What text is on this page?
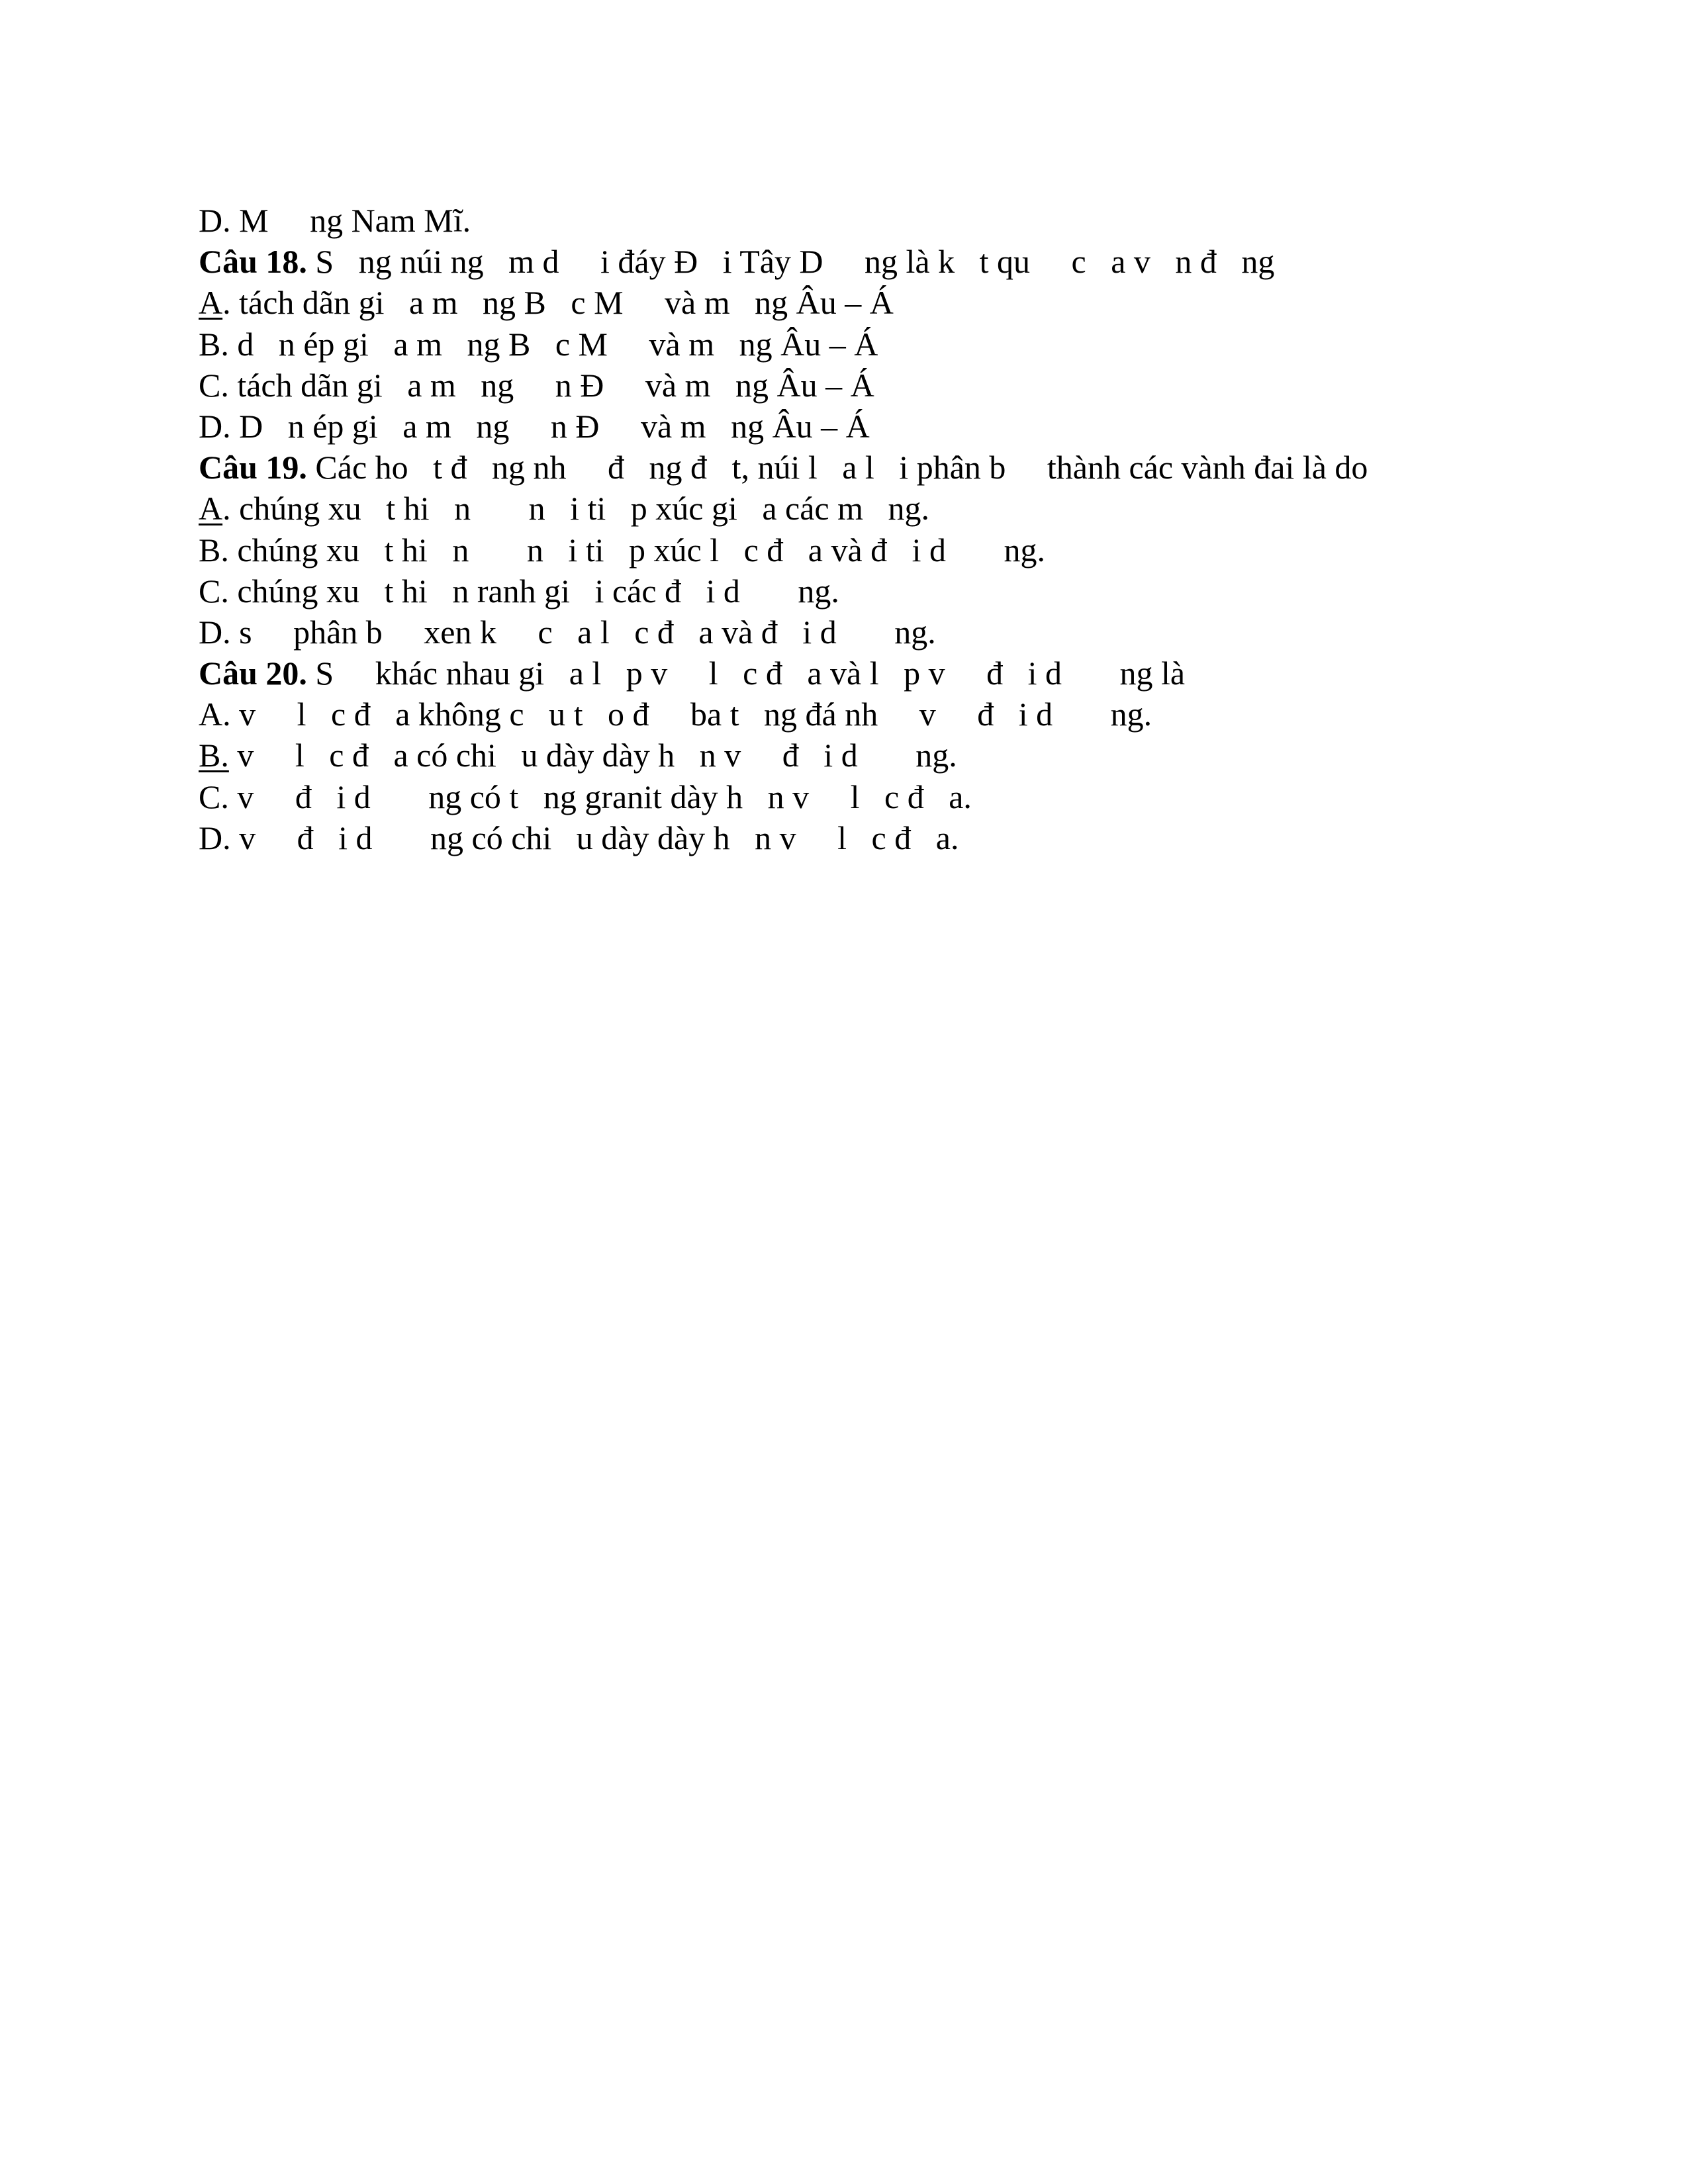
D. M     ng Nam Mĩ.
Câu 18. S   ng núi ng   m d     i đáy Đ   i Tây D     ng là k   t qu     c   a v   n đ   ng
A. tách dãn gi   a m   ng B   c M     và m   ng Âu – Á
B. d   n ép gi   a m   ng B   c M     và m   ng Âu – Á
C. tách dãn gi   a m   ng     n Đ     và m   ng Âu – Á
D. D   n ép gi   a m   ng     n Đ     và m   ng Âu – Á
Câu 19. Các ho   t đ   ng nh     đ   ng đ   t, núi l   a l   i phân b     thành các vành đai là do
A. chúng xu   t hi   n       n   i ti   p xúc gi   a các m   ng.
B. chúng xu   t hi   n       n   i ti   p xúc l   c đ   a và đ   i d       ng.
C. chúng xu   t hi   n ranh gi   i các đ   i d       ng.
D. s     phân b     xen k     c   a l   c đ   a và đ   i d       ng.
Câu 20. S     khác nhau gi   a l   p v     l   c đ   a và l   p v     đ   i d       ng là
A. v     l   c đ   a không c   u t   o đ     ba t   ng đá nh     v     đ   i d       ng.
B. v     l   c đ   a có chi   u dày dày h   n v     đ   i d       ng.
C. v     đ   i d       ng có t   ng granit dày h   n v     l   c đ   a.
D. v     đ   i d       ng có chi   u dày dày h   n v     l   c đ   a.
